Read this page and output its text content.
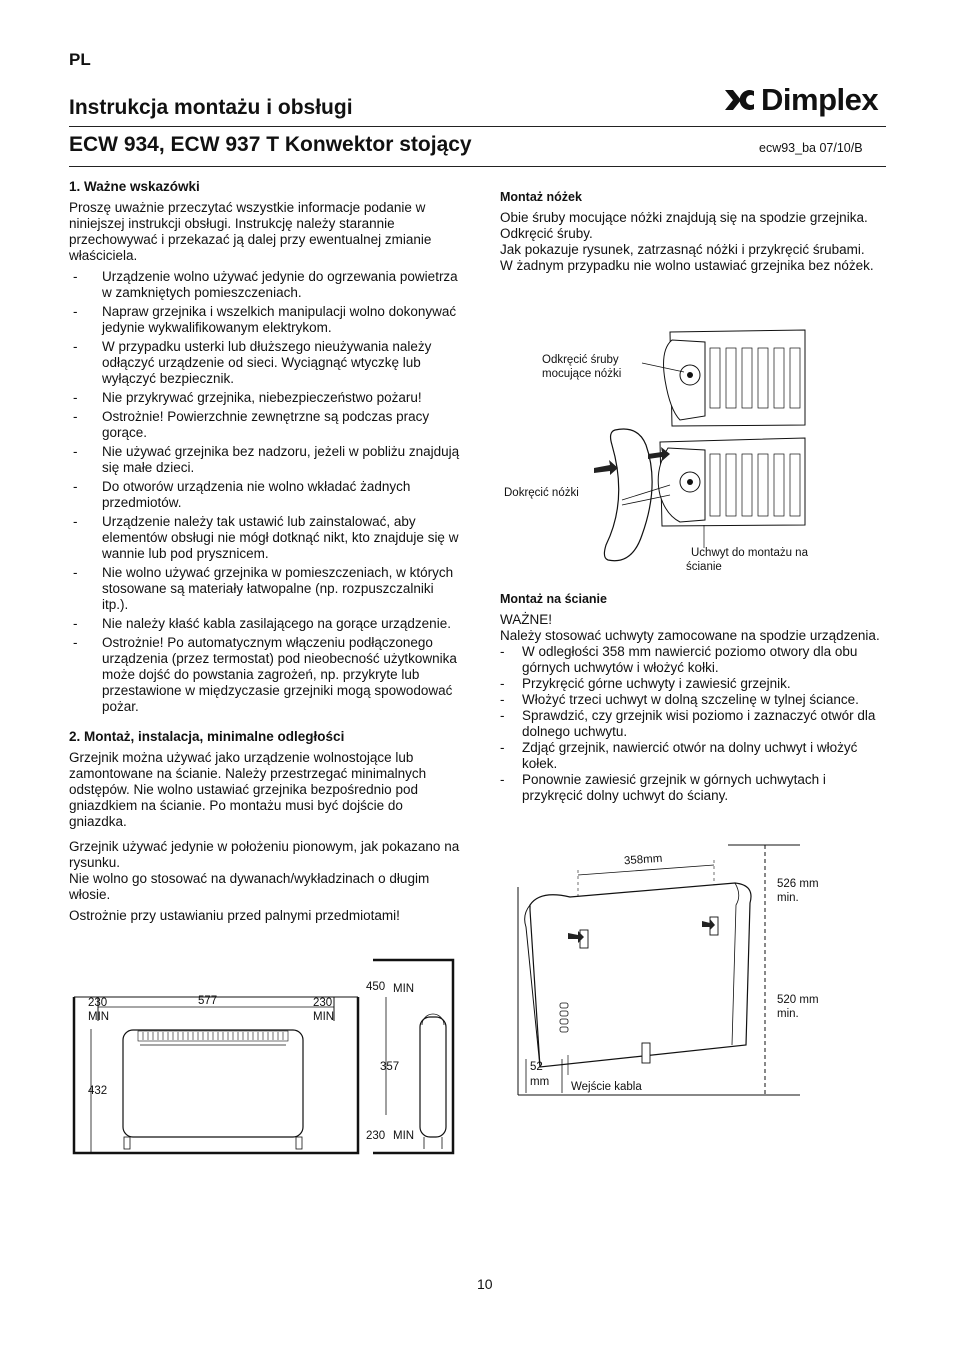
PL
Dimplex
Instrukcja montażu i obsługi
ECW 934, ECW 937 T Konwektor stojący	ecw93_ba 07/10/B

1. Ważne wskazówki

Proszę uważnie przeczytać wszystkie informacje podanie w niniejszej instrukcji obsługi. Instrukcję należy starannie przechowywać i przekazać ją dalej przy ewentualnej zmianie właściciela.

- Urządzenie wolno używać jedynie do ogrzewania powietrza w zamkniętych pomieszczeniach.
- Napraw grzejnika i wszelkich manipulacji wolno dokonywać jedynie wykwalifikowanym elektrykom.
- W przypadku usterki lub dłuższego nieużywania należy odłączyć urządzenie od sieci. Wyciągnąć wtyczkę lub wyłączyć bezpiecznik.
- Nie przykrywać grzejnika, niebezpieczeństwo pożaru!
- Ostrożnie! Powierzchnie zewnętrzne są podczas pracy gorące.
- Nie używać grzejnika bez nadzoru, jeżeli w pobliżu znajdują się małe dzieci.
- Do otworów urządzenia nie wolno wkładać żadnych przedmiotów.
- Urządzenie należy tak ustawić lub zainstalować, aby elementów obsługi nie mógł dotknąć nikt, kto znajduje się w wannie lub pod prysznicem.
- Nie wolno używać grzejnika w pomieszczeniach, w których stosowane są materiały łatwopalne (np. rozpuszczalniki itp.).
- Nie należy kłaść kabla zasilającego na gorące urządzenie.
- Ostrożnie! Po automatycznym włączeniu podłączonego urządzenia (przez termostat) pod nieobecność użytkownika może dojść do powstania zagrożeń, np. przykryte lub przestawione w międzyczasie grzejniki mogą spowodować pożar.

2. Montaż, instalacja, minimalne odległości

Grzejnik można używać jako urządzenie wolnostojące lub zamontowane na ścianie. Należy przestrzegać minimalnych odstępów. Nie wolno ustawiać grzejnika bezpośrednio pod gniazdkiem na ścianie. Po montażu musi być dojście do gniazdka.

Grzejnik używać jedynie w położeniu pionowym, jak pokazano na rysunku.

Nie wolno go stosować na dywanach/wykładzinach o długim włosie.

Ostrożnie przy ustawianiu przed palnymi przedmiotami!

230
MIN
577	230
MIN
432
450 MIN
357
230 MIN

Montaż nóżek

Obie śruby mocujące nóżki znajdują się na spodzie grzejnika. Odkręcić śruby.

Jak pokazuje rysunek, zatrzasnąć nóżki i przykręcić śrubami.

W żadnym przypadku nie wolno ustawiać grzejnika bez nóżek.

Odkręcić śruby mocujące nóżki
Dokręcić nóżki
Uchwyt do montażu na ścianie

Montaż na ścianie

WAŻNE!

Należy stosować uchwyty zamocowane na spodzie urządzenia.

- W odległości 358 mm nawiercić poziomo otwory dla obu górnych uchwytów i włożyć kołki.
- Przykręcić górne uchwyty i zawiesić grzejnik.
- Włożyć trzeci uchwyt w dolną szczelinę w tylnej ściance.
- Sprawdzić, czy grzejnik wisi poziomo i zaznaczyć otwór dla dolnego uchwytu.
- Zdjąć grzejnik, nawiercić otwór na dolny uchwyt i włożyć kołek.
- Ponownie zawiesić grzejnik w górnych uchwytach i przykręcić dolny uchwyt do ściany.
358mm
526 mm
min.
520 mm
min.
52
mm Wejście kabla
10
